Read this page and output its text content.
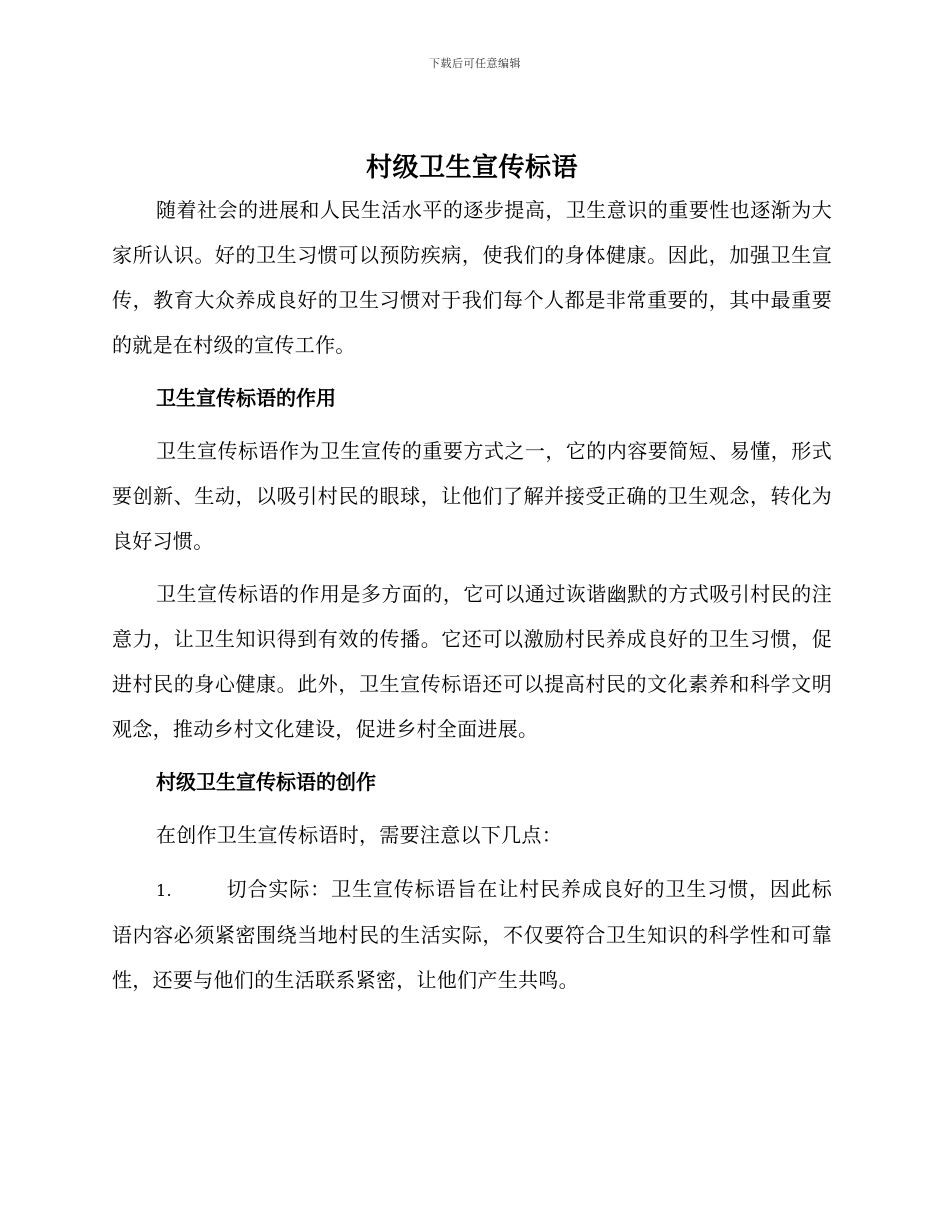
下载后可任意编辑
村级卫生宣传标语

随着社会的进展和人民生活水平的逐步提高，卫生意识的重要性也逐渐为大家所认识。好的卫生习惯可以预防疾病，使我们的身体健康。因此，加强卫生宣传，教育大众养成良好的卫生习惯对于我们每个人都是非常重要的，其中最重要的就是在村级的宣传工作。

卫生宣传标语的作用

卫生宣传标语作为卫生宣传的重要方式之一，它的内容要简短、易懂，形式要创新、生动，以吸引村民的眼球，让他们了解并接受正确的卫生观念，转化为良好习惯。

卫生宣传标语的作用是多方面的，它可以通过诙谐幽默的方式吸引村民的注意力，让卫生知识得到有效的传播。它还可以激励村民养成良好的卫生习惯，促进村民的身心健康。此外，卫生宣传标语还可以提高村民的文化素养和科学文明观念，推动乡村文化建设，促进乡村全面进展。

村级卫生宣传标语的创作

在创作卫生宣传标语时，需要注意以下几点：

1.	切合实际：卫生宣传标语旨在让村民养成良好的卫生习惯，因此标语内容必须紧密围绕当地村民的生活实际，不仅要符合卫生知识的科学性和可靠性，还要与他们的生活联系紧密，让他们产生共鸣。
